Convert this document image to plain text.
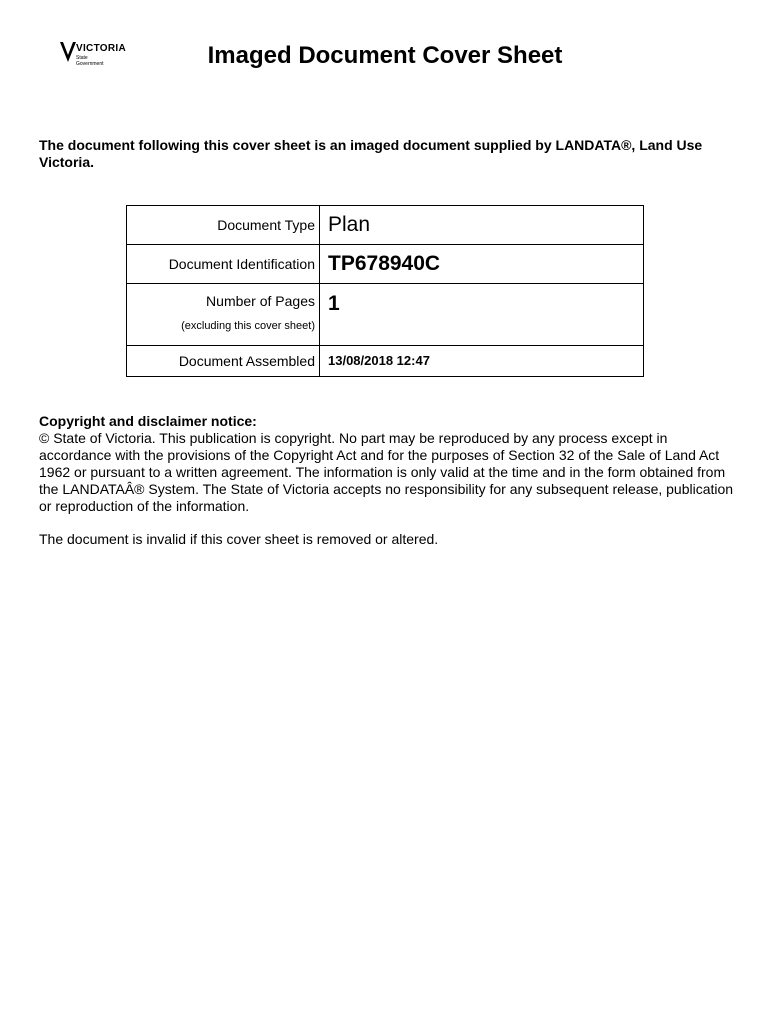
VICTORIA
State
Government	Imaged Document Cover Sheet
The document following this cover sheet is an imaged document supplied by LANDATA®, Land Use Victoria.
Document Type	Plan
Document Identification	TP678940C

Number of Pages
(excluding this cover sheet)	1

Document Assembled	13/08/2018 12:47
Copyright and disclaimer notice:
© State of Victoria. This publication is copyright. No part may be reproduced by any process except in accordance with the provisions of the Copyright Act and for the purposes of Section 32 of the Sale of Land Act 1962 or pursuant to a written agreement. The information is only valid at the time and in the form obtained from the LANDATAÂ® System. The State of Victoria accepts no responsibility for any subsequent release, publication or reproduction of the information.
The document is invalid if this cover sheet is removed or altered.
